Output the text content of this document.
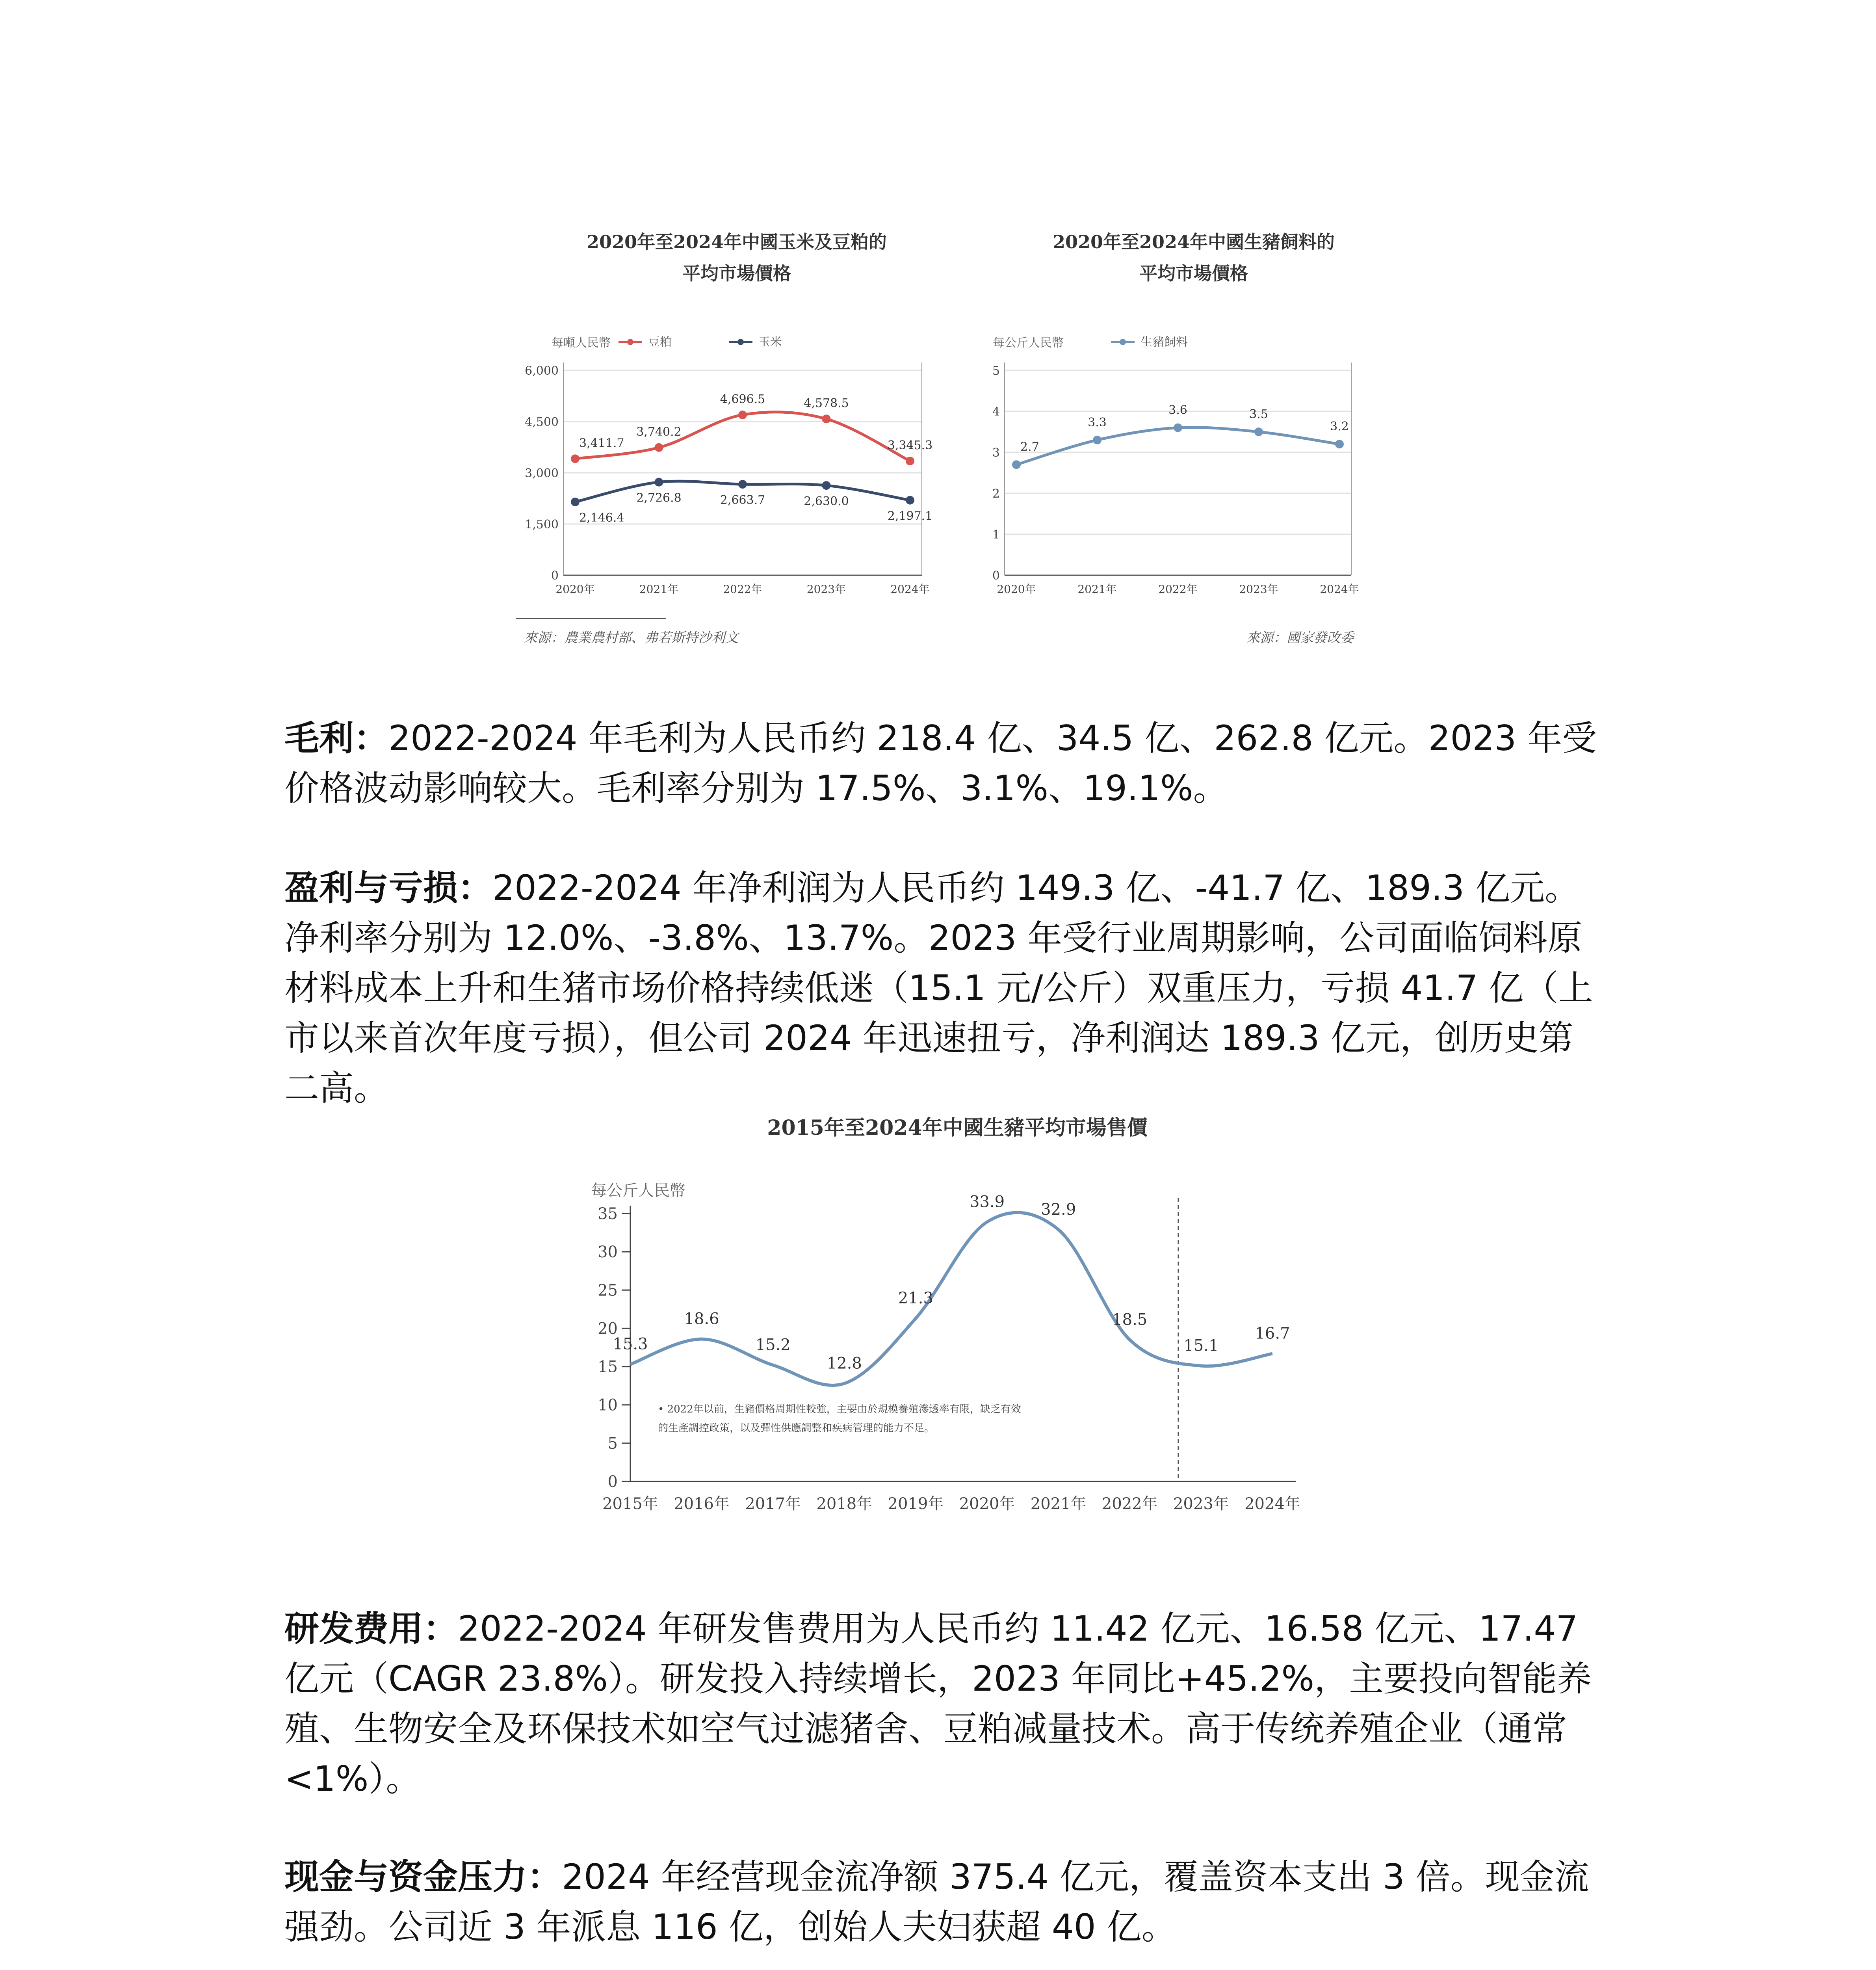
2020年至2024年中國玉米及豆粕的
平均市場價格
每噸人民幣	豆粕	玉米
0
1,500
3,000
4,500
6,000
2020年	2021年	2022年	2023年	2024年
3,411.7
3,740.2
4,696.5	4,578.5
3,345.3
2,146.4
2,726.8	2,663.7	2,630.0
2,197.1
來源：農業農村部、弗若斯特沙利文
2020年至2024年中國生豬飼料的
平均市場價格
每公斤人民幣	生豬飼料
0
1
2
3
4
5
2020年	2021年	2022年	2023年	2024年
2.7
3.3
3.6	3.5
3.2
來源：國家發改委
2015年至2024年中國生豬平均市場售價
每公斤人民幣
0
5
10
15
20
25
30
35
2015年 2016年 2017年 2018年 2019年 2020年 2021年 2022年 2023年 2024年
15.3
18.6
15.2
12.8
21.3
33.9 32.9
18.5
15.1
16.7
• 2022年以前，生豬價格周期性較強，主要由於規模養殖滲透率有限，缺乏有效
的生產調控政策，以及彈性供應調整和疾病管理的能力不足。

毛利：2022-2024 年毛利为人民币约 218.4 亿、34.5 亿、262.8 亿元。2023 年受价格波动影响较大。毛利率分别为 17.5%、3.1%、19.1%。

盈利与亏损：2022-2024 年净利润为人民币约 149.3 亿、-41.7 亿、189.3 亿元。净利率分别为 12.0%、-3.8%、13.7%。2023 年受行业周期影响，公司面临饲料原材料成本上升和生猪市场价格持续低迷（15.1 元/公斤）双重压力，亏损 41.7 亿（上市以来首次年度亏损），但公司 2024 年迅速扭亏，净利润达 189.3 亿元，创历史第二高。

研发费用：2022-2024 年研发售费用为人民币约 11.42 亿元、16.58 亿元、17.47 亿元（CAGR 23.8%）。研发投入持续增长，2023 年同比+45.2%，主要投向智能养殖、生物安全及环保技术如空气过滤猪舍、豆粕减量技术。高于传统养殖企业（通常<1%）。

现金与资金压力：2024 年经营现金流净额 375.4 亿元，覆盖资本支出 3 倍。现金流强劲。公司近 3 年派息 116 亿，创始人夫妇获超 40 亿。
